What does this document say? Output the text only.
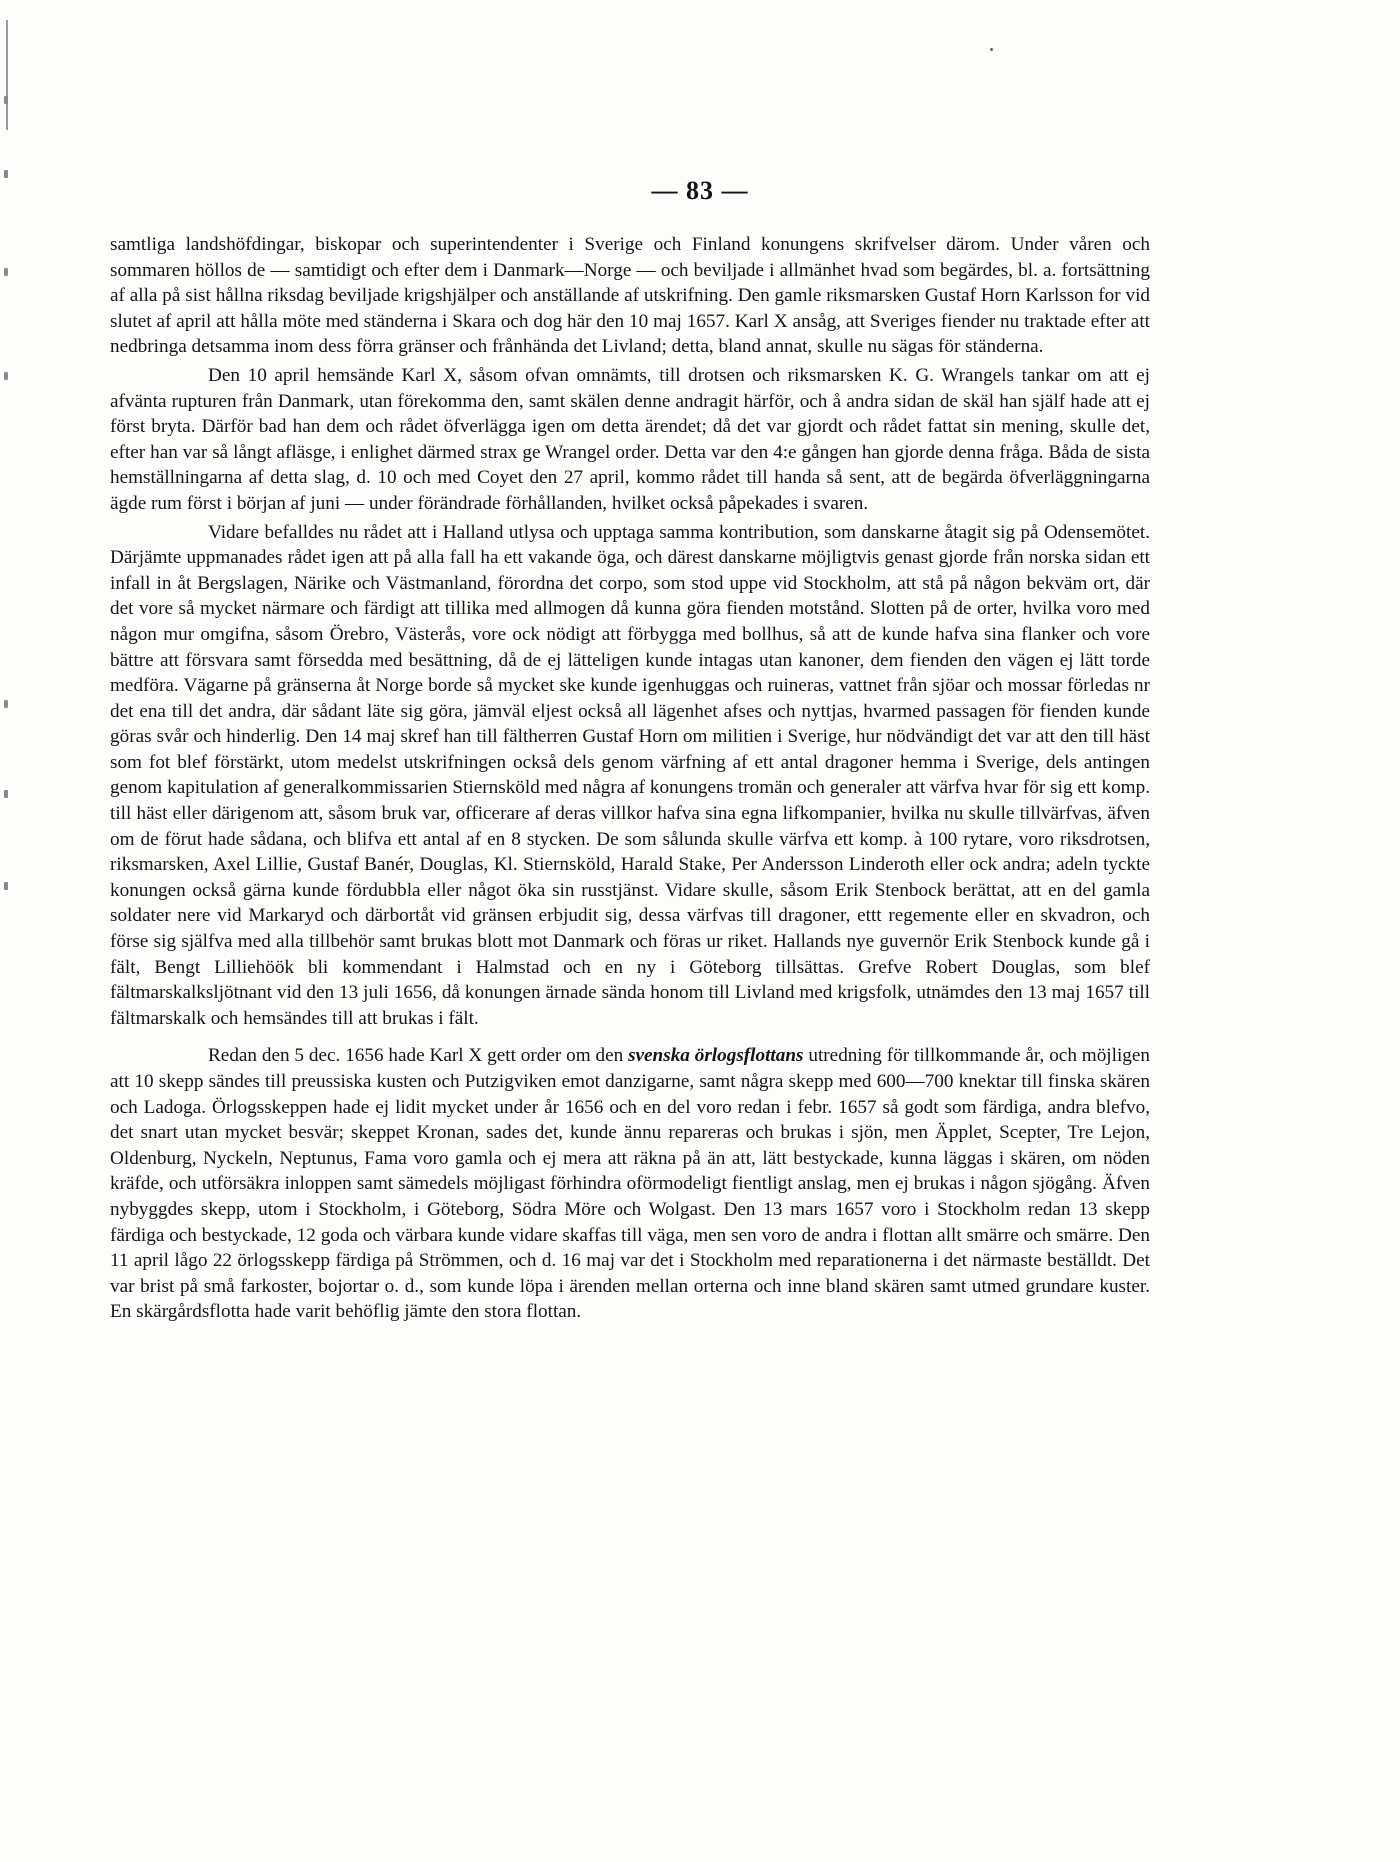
— 83 —

samtliga landshöfdingar, biskopar och superintendenter i Sverige och Finland konungens skrifvelser därom. Under våren och sommaren höllos de — samtidigt och efter dem i Danmark—Norge — och beviljade i allmänhet hvad som begärdes, bl. a. fortsättning af alla på sist hållna riksdag beviljade krigshjälper och anställande af utskrifning. Den gamle riksmarsken Gustaf Horn Karlsson for vid slutet af april att hålla möte med ständerna i Skara och dog här den 10 maj 1657. Karl X ansåg, att Sveriges fiender nu traktade efter att nedbringa detsamma inom dess förra gränser och frånhända det Livland; detta, bland annat, skulle nu sägas för ständerna.

Den 10 april hemsände Karl X, såsom ofvan omnämts, till drotsen och riksmarsken K. G. Wrangels tankar om att ej afvänta rupturen från Danmark, utan förekomma den, samt skälen denne andragit härför, och å andra sidan de skäl han själf hade att ej först bryta. Därför bad han dem och rådet öfverlägga igen om detta ärendet; då det var gjordt och rådet fattat sin mening, skulle det, efter han var så långt afläsge, i enlighet därmed strax ge Wrangel order. Detta var den 4:e gången han gjorde denna fråga. Båda de sista hemställningarna af detta slag, d. 10 och med Coyet den 27 april, kommo rådet till handa så sent, att de begärda öfverläggningarna ägde rum först i början af juni — under förändrade förhållanden, hvilket också påpekades i svaren.

Vidare befalldes nu rådet att i Halland utlysa och upptaga samma kontribution, som danskarne åtagit sig på Odensemötet. Därjämte uppmanades rådet igen att på alla fall ha ett vakande öga, och därest danskarne möjligtvis genast gjorde från norska sidan ett infall in åt Bergslagen, Närike och Västmanland, förordna det corpo, som stod uppe vid Stockholm, att stå på någon bekväm ort, där det vore så mycket närmare och färdigt att tillika med allmogen då kunna göra fienden motstånd. Slotten på de orter, hvilka voro med någon mur omgifna, såsom Örebro, Västerås, vore ock nödigt att förbygga med bollhus, så att de kunde hafva sina flanker och vore bättre att försvara samt försedda med besättning, då de ej lätteligen kunde intagas utan kanoner, dem fienden den vägen ej lätt torde medföra. Vägarne på gränserna åt Norge borde så mycket ske kunde igenhuggas och ruineras, vattnet från sjöar och mossar förledas nr det ena till det andra, där sådant läte sig göra, jämväl eljest också all lägenhet afses och nyttjas, hvarmed passagen för fienden kunde göras svår och hinderlig. Den 14 maj skref han till fältherren Gustaf Horn om militien i Sverige, hur nödvändigt det var att den till häst som fot blef förstärkt, utom medelst utskrifningen också dels genom värfning af ett antal dragoner hemma i Sverige, dels antingen genom kapitulation af generalkommissarien Stiernsköld med några af konungens tromän och generaler att värfva hvar för sig ett komp. till häst eller därigenom att, såsom bruk var, officerare af deras villkor hafva sina egna lifkompanier, hvilka nu skulle tillvärfvas, äfven om de förut hade sådana, och blifva ett antal af en 8 stycken. De som sålunda skulle värfva ett komp. à 100 rytare, voro riksdrotsen, riksmarsken, Axel Lillie, Gustaf Banér, Douglas, Kl. Stiernsköld, Harald Stake, Per Andersson Linderoth eller ock andra; adeln tyckte konungen också gärna kunde fördubbla eller något öka sin russtjänst. Vidare skulle, såsom Erik Stenbock berättat, att en del gamla soldater nere vid Markaryd och därbortåt vid gränsen erbjudit sig, dessa värfvas till dragoner, ettt regemente eller en skvadron, och förse sig själfva med alla tillbehör samt brukas blott mot Danmark och föras ur riket. Hallands nye guvernör Erik Stenbock kunde gå i fält, Bengt Lilliehöök bli kommendant i Halmstad och en ny i Göteborg tillsättas. Grefve Robert Douglas, som blef fältmarskalksljötnant vid den 13 juli 1656, då konungen ärnade sända honom till Livland med krigsfolk, utnämdes den 13 maj 1657 till fältmarskalk och hemsändes till att brukas i fält.

Redan den 5 dec. 1656 hade Karl X gett order om den svenska örlogsflottans utredning för tillkommande år, och möjligen att 10 skepp sändes till preussiska kusten och Putzigviken emot danzigarne, samt några skepp med 600—700 knektar till finska skären och Ladoga. Örlogsskeppen hade ej lidit mycket under år 1656 och en del voro redan i febr. 1657 så godt som färdiga, andra blefvo, det snart utan mycket besvär; skeppet Kronan, sades det, kunde ännu repareras och brukas i sjön, men Äpplet, Scepter, Tre Lejon, Oldenburg, Nyckeln, Neptunus, Fama voro gamla och ej mera att räkna på än att, lätt bestyckade, kunna läggas i skären, om nöden kräfde, och utförsäkra inloppen samt sämedels möjligast förhindra oförmodeligt fientligt anslag, men ej brukas i någon sjögång. Äfven nybyggdes skepp, utom i Stockholm, i Göteborg, Södra Möre och Wolgast. Den 13 mars 1657 voro i Stockholm redan 13 skepp färdiga och bestyckade, 12 goda och värbara kunde vidare skaffas till väga, men sen voro de andra i flottan allt smärre och smärre. Den 11 april lågo 22 örlogsskepp färdiga på Strömmen, och d. 16 maj var det i Stockholm med reparationerna i det närmaste beställdt. Det var brist på små farkoster, bojortar o. d., som kunde löpa i ärenden mellan orterna och inne bland skären samt utmed grundare kuster. En skärgårdsflotta hade varit behöflig jämte den stora flottan.
